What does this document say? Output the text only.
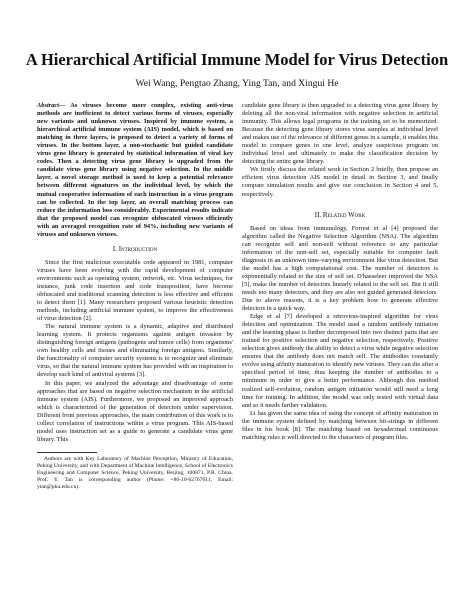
A Hierarchical Artificial Immune Model for Virus Detection
Wei Wang, Pengtao Zhang, Ying Tan, and Xingui He

Abstract— As viruses become more complex, existing anti-virus methods are inefficient to detect various forms of viruses, especially new variants and unknown viruses. Inspired by immune system, a hierarchical artificial immune system (AIS) model, which is based on matching in three layers, is proposed to detect a variety of forms of viruses. In the bottom layer, a non-stochastic but guided candidate virus gene library is generated by statistical information of viral key codes. Then a detecting virus gene library is upgraded from the candidate virus gene library using negative selection. In the middle layer, a novel storage method is used to keep a potential relevance between different signatures on the individual level, by which the mutual cooperative information of each instruction in a virus program can be collected. In the top layer, an overall matching process can reduce the information loss considerably. Experimental results indicate that the proposed model can recognize obfuscated viruses efficiently with an averaged recognition rate of 94%, including new variants of viruses and unknown viruses.

I. Introduction

Since the first malicious executable code appeared in 1981, computer viruses have been evolving with the rapid development of computer environments such as operating system, network, etc. Virus techniques, for instance, junk code insertion and code transposition, have become obfuscated and traditional scanning detection is less effective and efficient to detect them [1]. Many researchers proposed various heuristic detection methods, including artificial immune system, to improve the effectiveness of virus detection [2].

The natural immune system is a dynamic, adaptive and distributed learning system. It protects organisms against antigen invasion by distinguishing foreign antigens (pathogens and tumor cells) from organisms' own healthy cells and tissues and eliminating foreign antigens. Similarly, the functionality of computer security systems is to recognize and eliminate virus, so that the natural immune system has provided with an inspiration to develop such kind of antiviral systems [3].

In this paper, we analyzed the advantage and disadvantage of some approaches that are based on negative selection mechanism in the artificial immune system (AIS). Furthermore, we proposed an improved approach which is characterized of the generation of detectors under supervision. Different from previous approaches, the main contribution of this work is to collect correlation of instructions within a virus program. This AIS-based model uses instruction set as a guide to generate a candidate virus gene library. This

Authors are with Key Laboratory of Machine Perception, Ministry of Education, Peking University, and with Department of Machine Intelligence, School of Electronics Engineering and Computer Science, Peking University, Beijing, 100871, P.R. China. Prof. Y. Tan is corresponding author (Phone: +86-10-62767611, Email: ytan@pku.edu.cn).

candidate gene library is then upgraded to a detecting virus gene library by deleting all the non-viral information with negative selection in artificial immunity. This allows legal programs in the training set to be memorized. Because the detecting gene library stores virus samples at individual level and makes use of the relevance of different genes in a sample, it enables this model to compare genes in one level, analyze suspicious program on individual level and ultimately to make the classification decision by detecting the entire gene library.

We firstly discuss the related work in Section 2 briefly, then propose an efficient virus detection AIS model in detail in Section 3, and finally compare simulation results and give our conclusion in Section 4 and 5, respectively.

II. Related Work

Based on ideas from immunology, Forrest et al [4] proposed the algorithm called the Negative Selection Algorithm (NSA). The algorithm can recognize self and non-self without reference to any particular information of the non-self set, especially suitable for computer fault diagnosis in an unknown time-varying environment like virus detection. But the model has a high computational cost. The number of detectors is exponentially related to the size of self set. D'haeseleer improved the NSA [5], make the number of detectors linearly related to the self set. But it still needs too many detectors, and they are also not guided generated detectors. Due to above reasons, it is a key problem how to generate effective detectors in a quick way.

Edge et al [7] developed a retrovirus-inspired algorithm for virus detection and optimization. The model used a random antibody initiation and the learning phase is further decomposed into two distinct parts that are trained for positive selection and negative selection, respectively. Positive selection gives antibody the ability to detect a virus while negative selection ensures that the antibody does not match self. The antibodies constantly evolve using affinity maturation to identify new viruses. They can die after a specified period of time, thus keeping the number of antibodies to a minimum in order to give a better performance. Although this method realized self-evolution, random antigen initiation would still need a long time for training. In addition, the model was only tested with virtual data and so it needs further validation.

Li has given the same idea of using the concept of affinity maturation in the immune system defined by matching between bit-strings in different files in his book [8]. The matching based on hexadecimal continuous matching rules is well directed to the characters of program files.
